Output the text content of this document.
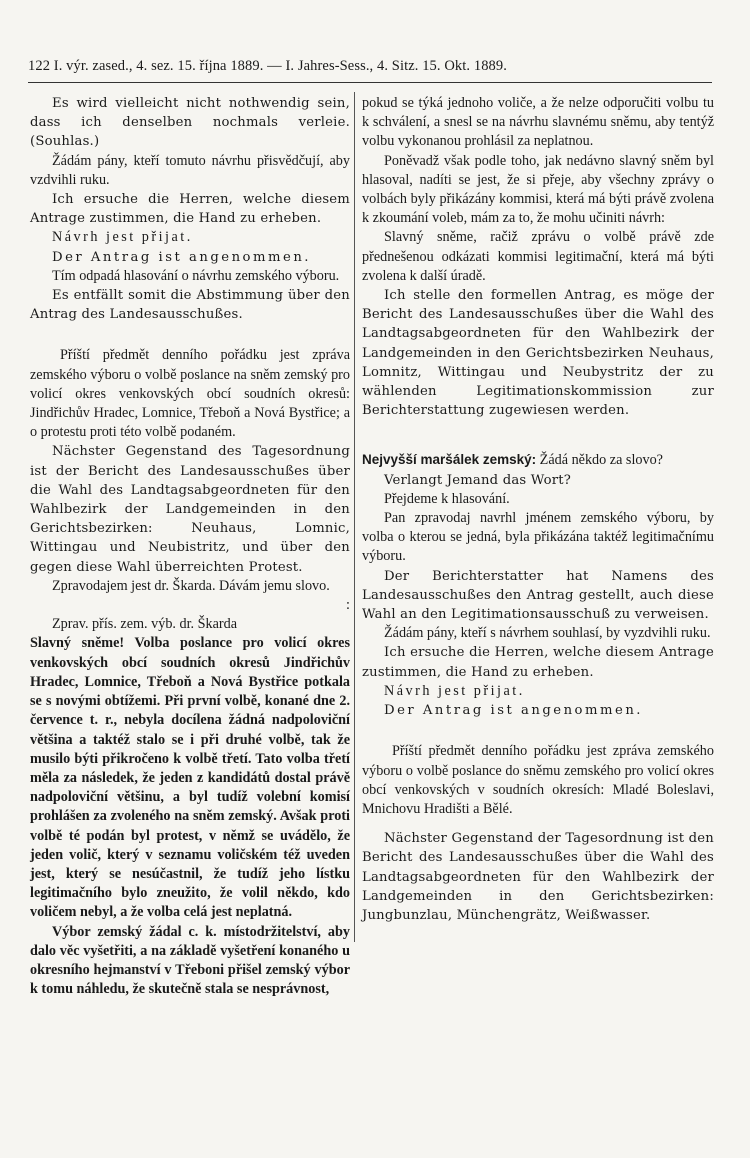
122 I. výr. zased., 4. sez. 15. října 1889. — I. Jahres-Sess., 4. Sitz. 15. Okt. 1889.

Es wird vielleicht nicht nothwendig sein, dass ich denselben nochmals verleie. (Souhlas.)

Žádám pány, kteří tomuto návrhu přisvědčují, aby vzdvihli ruku.

Ich ersuche die Herren, welche diesem Antrage zustimmen, die Hand zu erheben.

Návrh jest přijat.

Der Antrag ist angenommen.

Tím odpadá hlasování o návrhu zemského výboru.

Es entfällt somit die Abstimmung über den Antrag des Landesausschußes.

Příští předmět denního pořádku jest zpráva zemského výboru o volbě poslance na sněm zemský pro volicí okres venkovských obcí soudních okresů: Jindřichův Hradec, Lomnice, Třeboň a Nová Bystřice; a o protestu proti této volbě podaném.

Nächster Gegenstand des Tagesordnung ist der Bericht des Landesausschußes über die Wahl des Landtagsabgeordneten für den Wahlbezirk der Landgemeinden in den Gerichtsbezirken: Neuhaus, Lomnic, Wittingau und Neubistritz, und über den gegen diese Wahl überreichten Protest.

Zpravodajem jest dr. Škarda. Dávám jemu slovo.

:

Zprav. přís. zem. výb. dr. Škarda

Slavný sněme! Volba poslance pro volicí okres venkovských obcí soudních okresů Jindřichův Hradec, Lomnice, Třeboň a Nová Bystřice potkala se s novými obtížemi. Při první volbě, konané dne 2. července t. r., nebyla docílena žádná nadpoloviční většina a taktéž stalo se i při druhé volbě, tak že musilo býti přikročeno k volbě třetí. Tato volba třetí měla za následek, že jeden z kandidátů dostal právě nadpoloviční většinu, a byl tudíž volební komisí prohlášen za zvoleného na sněm zemský. Avšak proti volbě té podán byl protest, v němž se uvádělo, že jeden volič, který v seznamu voličském též uveden jest, který se nesúčastnil, že tudíž jeho lístku legitimačního bylo zneužito, že volil někdo, kdo voličem nebyl, a že volba celá jest neplatná.

Výbor zemský žádal c. k. místodržitelství, aby dalo věc vyšetřiti, a na základě vyšetření konaného u okresního hejmanství v Třeboni přišel zemský výbor k tomu náhledu, že skutečně stala se nesprávnost,

pokud se týká jednoho voliče, a že nelze odporučiti volbu tu k schválení, a snesl se na návrhu slavnému sněmu, aby tentýž volbu vykonanou prohlásil za neplatnou.

Poněvadž však podle toho, jak nedávno slavný sněm byl hlasoval, nadíti se jest, že si přeje, aby všechny zprávy o volbách byly přikázány kommisi, která má býti právě zvolena k zkoumání voleb, mám za to, že mohu učiniti návrh:

Slavný sněme, račiž zprávu o volbě právě zde přednešenou odkázati kommisi legitimační, která má býti zvolena k další úradě.

Ich stelle den formellen Antrag, es möge der Bericht des Landesausschußes über die Wahl des Landtagsabgeordneten für den Wahlbezirk der Landgemeinden in den Gerichtsbezirken Neuhaus, Lomnitz, Wittingau und Neubystritz der zu wählenden Legitimationskommission zur Berichterstattung zugewiesen werden.

Nejvyšší maršálek zemský: Žádá někdo za slovo?

Verlangt Jemand das Wort?

Přejdeme k hlasování.

Pan zpravodaj navrhl jménem zemského výboru, by volba o kterou se jedná, byla přikázána taktéž legitimačnímu výboru.

Der Berichterstatter hat Namens des Landesausschußes den Antrag gestellt, auch diese Wahl an den Legitimationsausschuß zu verweisen.

Žádám pány, kteří s návrhem souhlasí, by vyzdvihli ruku.

Ich ersuche die Herren, welche diesem Antrage zustimmen, die Hand zu erheben.

Návrh jest přijat.

Der Antrag ist angenommen.

Příští předmět denního pořádku jest zpráva zemského výboru o volbě poslance do sněmu zemského pro volicí okres obcí venkovských v soudních okresích: Mladé Boleslavi, Mnichovu Hradišti a Bělé.

Nächster Gegenstand der Tagesordnung ist den Bericht des Landesausschußes über die Wahl des Landtagsabgeordneten für den Wahlbezirk der Landgemeinden in den Gerichtsbezirken: Jungbunzlau, Münchengrätz, Weißwasser.
